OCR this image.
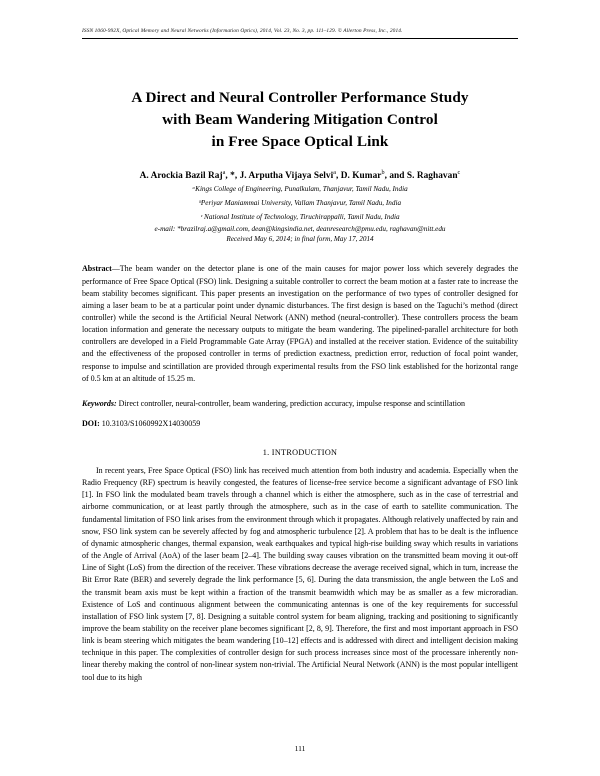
ISSN 1060-992X, Optical Memory and Neural Networks (Information Optics), 2014, Vol. 23, No. 3, pp. 111–129. © Allerton Press, Inc., 2014.
A Direct and Neural Controller Performance Study
with Beam Wandering Mitigation Control
in Free Space Optical Link
A. Arockia Bazil Raj$^a$, *, J. Arputha Vijaya Selvi$^a$, D. Kumar$^b$, and S. Raghavan$^c$
ᵃKings College of Engineering, Punalkulam, Thanjavur, Tamil Nadu, India
ᵇPeriyar Maniammai University, Vallam Thanjavur, Tamil Nadu, India
ᶜ National Institute of Technology, Tiruchirappalli, Tamil Nadu, India
e-mail: *brazilraj.a@gmail.com, dean@kingsindia.net, deanresearch@pmu.edu, raghavan@nitt.edu
Received May 6, 2014; in final form, May 17, 2014
Abstract—The beam wander on the detector plane is one of the main causes for major power loss which severely degrades the performance of Free Space Optical (FSO) link. Designing a suitable controller to correct the beam motion at a faster rate to increase the beam stability becomes significant. This paper presents an investigation on the performance of two types of controller designed for aiming a laser beam to be at a particular point under dynamic disturbances. The first design is based on the Taguchi’s method (direct controller) while the second is the Artificial Neural Network (ANN) method (neural-controller). These controllers process the beam location information and generate the necessary outputs to mitigate the beam wandering. The pipelined-parallel architecture for both controllers are developed in a Field Programmable Gate Array (FPGA) and installed at the receiver station. Evidence of the suitability and the effectiveness of the proposed controller in terms of prediction exactness, prediction error, reduction of focal point wander, response to impulse and scintillation are provided through experimental results from the FSO link established for the horizontal range of 0.5 km at an altitude of 15.25 m.
Keywords: Direct controller, neural-controller, beam wandering, prediction accuracy, impulse response and scintillation
DOI: 10.3103/S1060992X14030059
1. INTRODUCTION

In recent years, Free Space Optical (FSO) link has received much attention from both industry and academia. Especially when the Radio Frequency (RF) spectrum is heavily congested, the features of license-free service become a significant advantage of FSO link [1]. In FSO link the modulated beam travels through a channel which is either the atmosphere, such as in the case of terrestrial and airborne communication, or at least partly through the atmosphere, such as in the case of earth to satellite communication. The fundamental limitation of FSO link arises from the environment through which it propagates. Although relatively unaffected by rain and snow, FSO link system can be severely affected by fog and atmospheric turbulence [2]. A problem that has to be dealt is the influence of dynamic atmospheric changes, thermal expansion, weak earthquakes and typical high-rise building sway which results in variations of the Angle of Arrival (AoA) of the laser beam [2–4]. The building sway causes vibration on the transmitted beam moving it out-off Line of Sight (LoS) from the direction of the receiver. These vibrations decrease the average received signal, which in turn, increase the Bit Error Rate (BER) and severely degrade the link performance [5, 6]. During the data transmission, the angle between the LoS and the transmit beam axis must be kept within a fraction of the transmit beamwidth which may be as smaller as a few microradian. Existence of LoS and continuous alignment between the communicating antennas is one of the key requirements for successful installation of FSO link system [7, 8]. Designing a suitable control system for beam aligning, tracking and positioning to significantly improve the beam stability on the receiver plane becomes significant [2, 8, 9]. Therefore, the first and most important approach in FSO link is beam steering which mitigates the beam wandering [10–12] effects and is addressed with direct and intelligent decision making technique in this paper. The complexities of controller design for such process increases since most of the processare inherently non-linear thereby making the control of non-linear system non-trivial. The Artificial Neural Network (ANN) is the most popular intelligent tool due to its high

111
